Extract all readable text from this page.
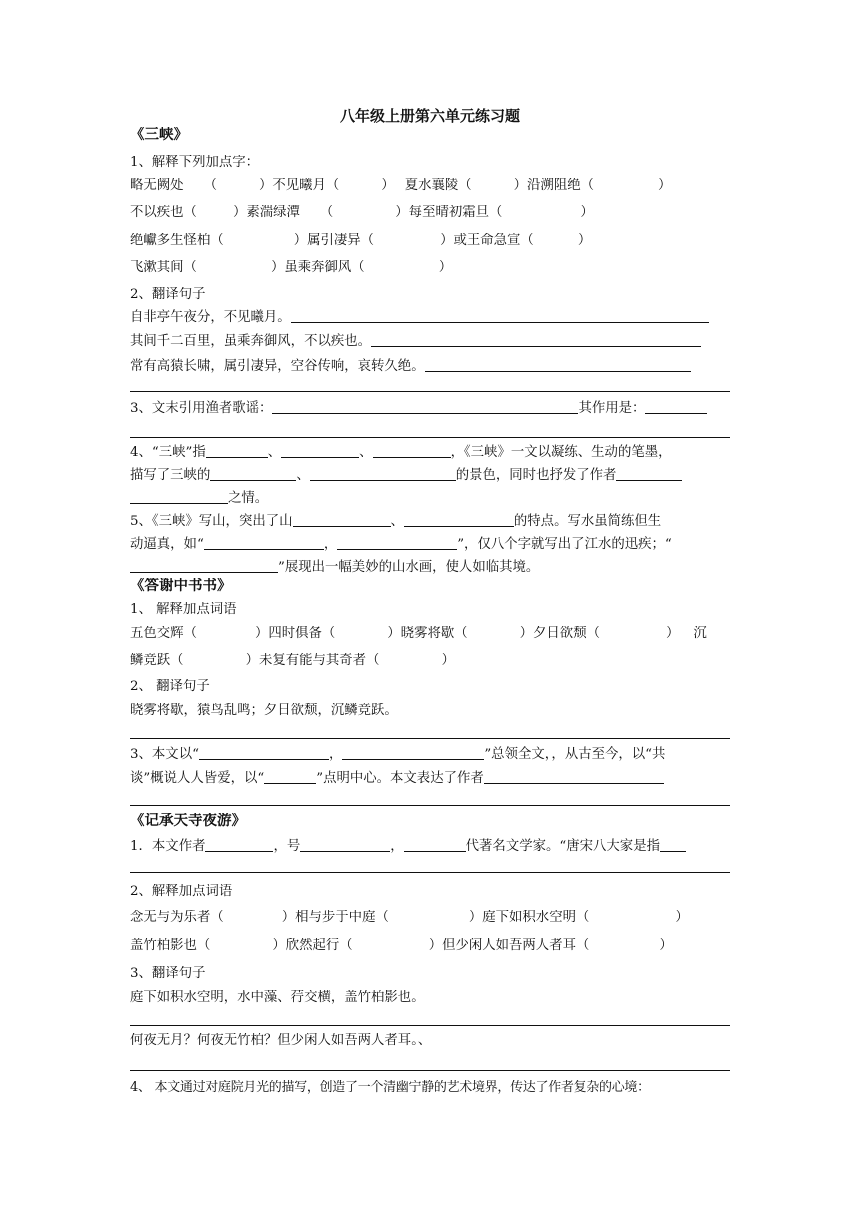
八年级上册第六单元练习题
《三峡》
1、解释下列加点字：
略无阙处 （	）不见曦月（	） 夏水襄陵（	）沿溯阻绝（	）
不以疾也（	）素湍绿潭 （	）每至晴初霜旦（	）
绝巘多生怪柏（	）属引凄异（	）或王命急宣（	）
飞漱其间（	）虽乘奔御风（	）
2、翻译句子
自非亭午夜分，不见曦月。
其间千二百里，虽乘奔御风，不以疾也。
常有高猿长啸，属引凄异，空谷传响，哀转久绝。
3、文末引用渔者歌谣：	其作用是：
4、“三峡”指	、	、	，《三峡》一文以凝练、生动的笔墨，
描写了三峡的	、	的景色，同时也抒发了作者
之情。
5、《三峡》写山，突出了山	、	的特点。写水虽简练但生
动逼真，如“	，	”，仅八个字就写出了江水的迅疾；“
”展现出一幅美妙的山水画，使人如临其境。
《答谢中书书》
1、 解释加点词语
五色交辉（	）四时俱备（	）晓雾将歇（	）夕日欲颓（	） 沉
鳞竞跃（	）未复有能与其奇者（	）
2、 翻译句子
晓雾将歇，猿鸟乱鸣；夕日欲颓，沉鳞竞跃。
3、本文以“	，	”总领全文，，从古至今，以“共
谈”概说人人皆爱，以“	”点明中心。本文表达了作者
《记承天寺夜游》
1．本文作者	，号	，	代著名文学家。“唐宋八大家是指
2、解释加点词语
念无与为乐者（	）相与步于中庭（	）庭下如积水空明（	）
盖竹柏影也（	）欣然起行（	）但少闲人如吾两人者耳（	）
3、翻译句子
庭下如积水空明，水中藻、荇交横，盖竹柏影也。
何夜无月？何夜无竹柏？但少闲人如吾两人者耳。、
4、 本文通过对庭院月光的描写，创造了一个清幽宁静的艺术境界，传达了作者复杂的心境：
